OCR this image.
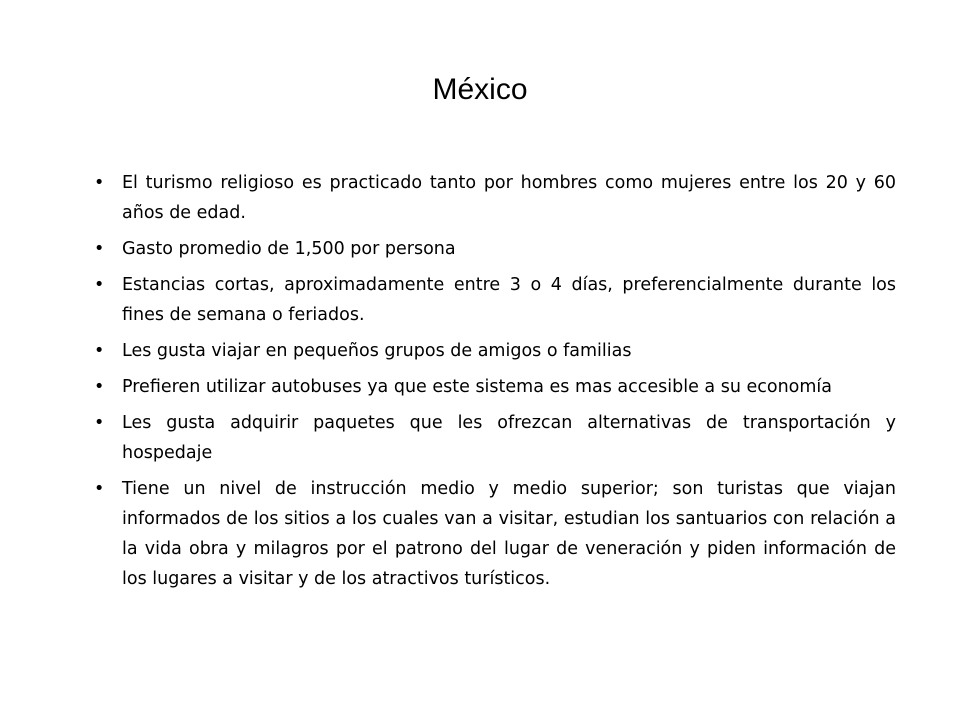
México
• El turismo religioso es practicado tanto por hombres como mujeres entre los 20 y 60 años de edad.
• Gasto promedio de 1,500 por persona
• Estancias cortas, aproximadamente entre 3 o 4 días, preferencialmente durante los fines de semana o feriados.
• Les gusta viajar en pequeños grupos de amigos o familias
• Prefieren utilizar autobuses ya que este sistema es mas accesible a su economía
• Les gusta adquirir paquetes que les ofrezcan alternativas de transportación y hospedaje
• Tiene un nivel de instrucción medio y medio superior; son turistas que viajan informados de los sitios a los cuales van a visitar, estudian los santuarios con relación a la vida obra y milagros por el patrono del lugar de veneración y piden información de los lugares a visitar y de los atractivos turísticos.
